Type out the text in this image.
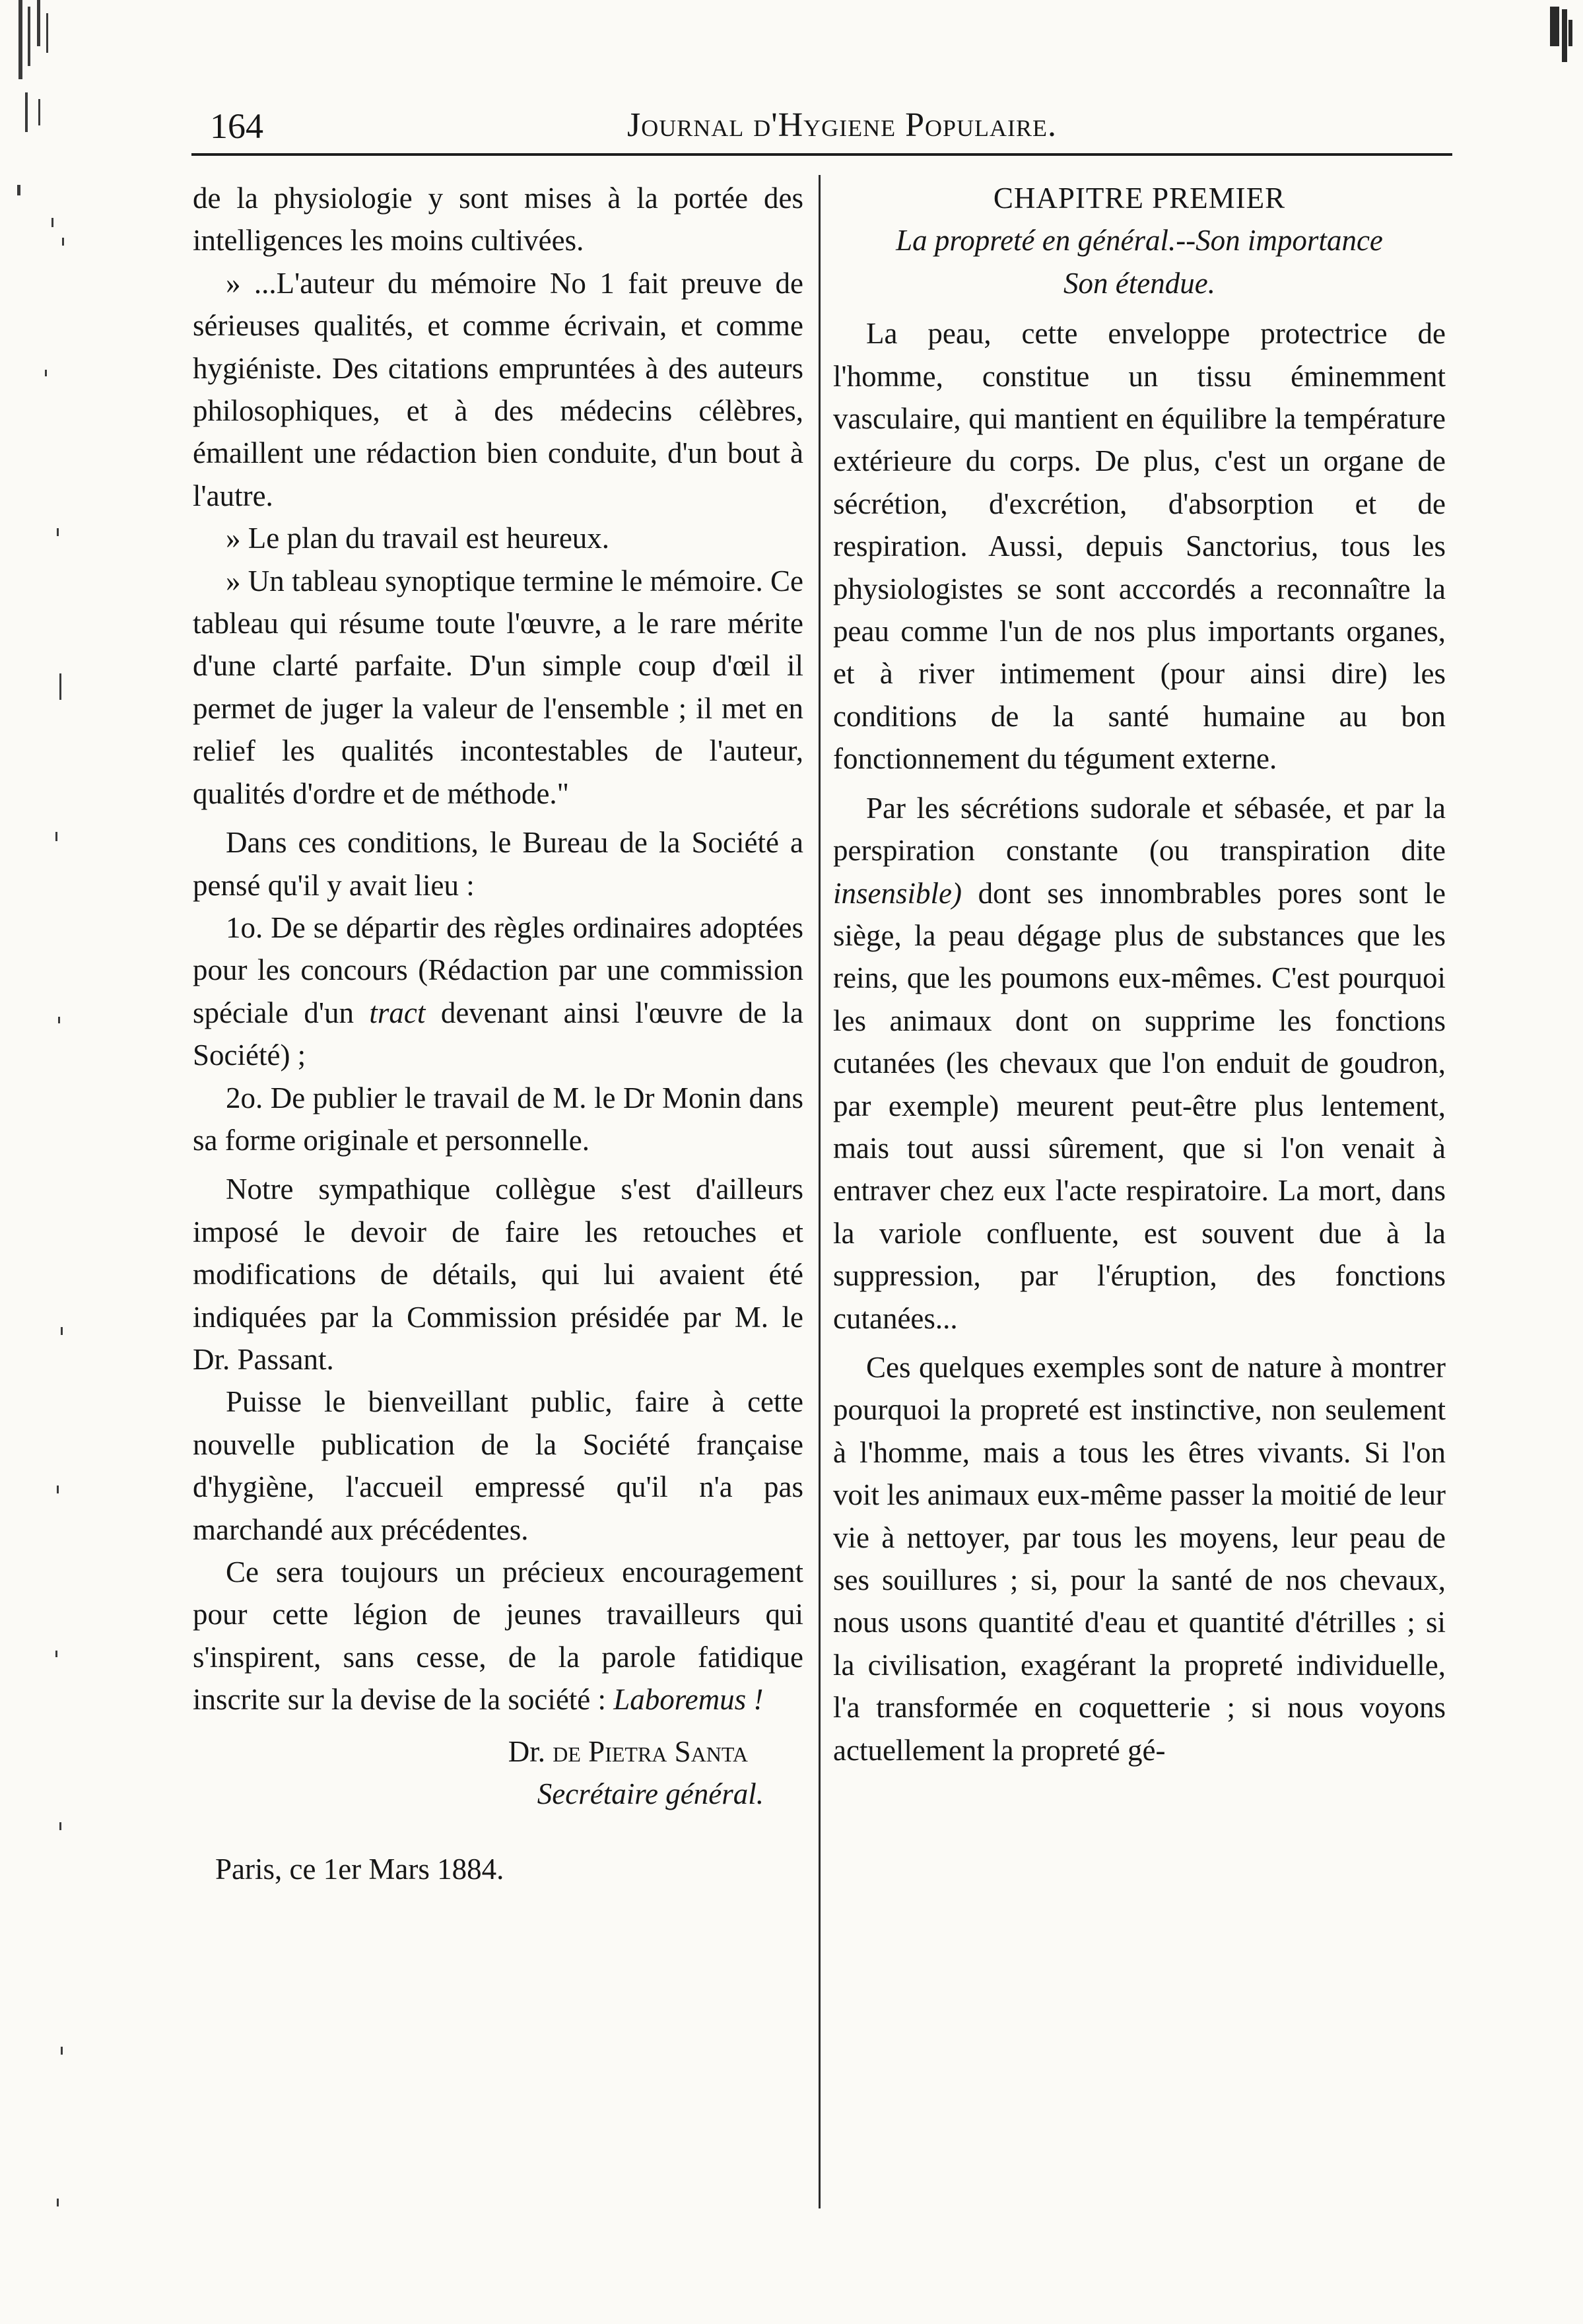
164	Journal d'Hygiene Populaire.

de la physiologie y sont mises à la portée des intelligences les moins cultivées.

» ...L'auteur du mémoire No 1 fait preuve de sérieuses qualités, et comme écrivain, et comme hygiéniste. Des citations empruntées à des auteurs philosophiques, et à des médecins célèbres, émaillent une rédaction bien conduite, d'un bout à l'autre.

» Le plan du travail est heureux.

» Un tableau synoptique termine le mémoire. Ce tableau qui résume toute l'œuvre, a le rare mérite d'une clarté parfaite. D'un simple coup d'œil il permet de juger la valeur de l'ensemble ; il met en relief les qualités incontestables de l'auteur, qualités d'ordre et de méthode."

Dans ces conditions, le Bureau de la Société a pensé qu'il y avait lieu :

1o. De se départir des règles ordinaires adoptées pour les concours (Rédaction par une commission spéciale d'un tract devenant ainsi l'œuvre de la Société) ;

2o. De publier le travail de M. le Dr Monin dans sa forme originale et personnelle.

Notre sympathique collègue s'est d'ailleurs imposé le devoir de faire les retouches et modifications de détails, qui lui avaient été indiquées par la Commission présidée par M. le Dr. Passant.

Puisse le bienveillant public, faire à cette nouvelle publication de la Société française d'hygiène, l'accueil empressé qu'il n'a pas marchandé aux précédentes.

Ce sera toujours un précieux encouragement pour cette légion de jeunes travailleurs qui s'inspirent, sans cesse, de la parole fatidique inscrite sur la devise de la société : Laboremus !

Dr. de Pietra Santa

Secrétaire général.

Paris, ce 1er Mars 1884.

CHAPITRE PREMIER

La propreté en général.--Son importance

Son étendue.

La peau, cette enveloppe protectrice de l'homme, constitue un tissu éminemment vasculaire, qui mantient en équilibre la température extérieure du corps. De plus, c'est un organe de sécrétion, d'excrétion, d'absorption et de respiration. Aussi, depuis Sanctorius, tous les physiologistes se sont acccordés a reconnaître la peau comme l'un de nos plus importants organes, et à river intimement (pour ainsi dire) les conditions de la santé humaine au bon fonctionnement du tégument externe.

Par les sécrétions sudorale et sébasée, et par la perspiration constante (ou transpiration dite insensible) dont ses innombrables pores sont le siège, la peau dégage plus de substances que les reins, que les poumons eux-mêmes. C'est pourquoi les animaux dont on supprime les fonctions cutanées (les chevaux que l'on enduit de goudron, par exemple) meurent peut-être plus lentement, mais tout aussi sûrement, que si l'on venait à entraver chez eux l'acte respiratoire. La mort, dans la variole confluente, est souvent due à la suppression, par l'éruption, des fonctions cutanées...

Ces quelques exemples sont de nature à montrer pourquoi la propreté est instinctive, non seulement à l'homme, mais a tous les êtres vivants. Si l'on voit les animaux eux-même passer la moitié de leur vie à nettoyer, par tous les moyens, leur peau de ses souillures ; si, pour la santé de nos chevaux, nous usons quantité d'eau et quantité d'étrilles ; si la civilisation, exagérant la propreté individuelle, l'a transformée en coquetterie ; si nous voyons actuellement la propreté gé-
